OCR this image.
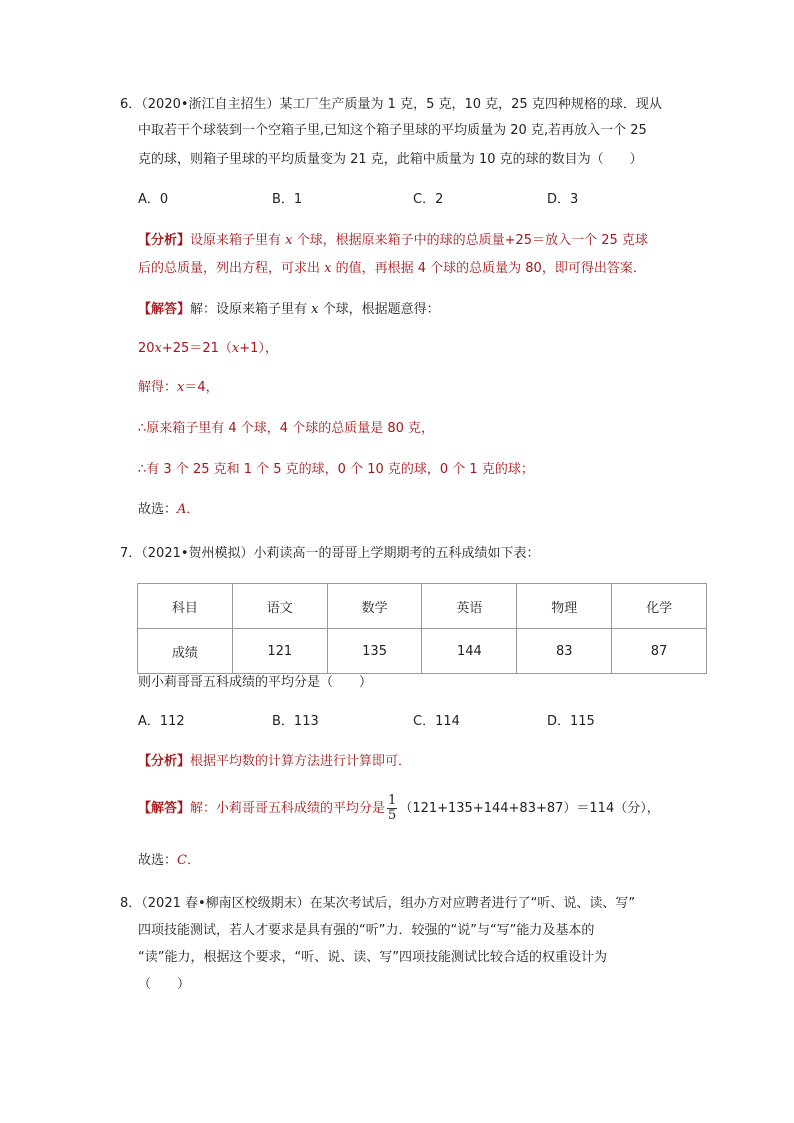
6．（2020•浙江自主招生）某工厂生产质量为 1 克，5 克，10 克，25 克四种规格的球．现从
中取若干个球装到一个空箱子里,已知这个箱子里球的平均质量为 20 克,若再放入一个 25
克的球，则箱子里球的平均质量变为 21 克，此箱中质量为 10 克的球的数目为（　　）
A．0	B．1	C．2	D．3
【分析】设原来箱子里有 x 个球，根据原来箱子中的球的总质量+25＝放入一个 25 克球
后的总质量，列出方程，可求出 x 的值，再根据 4 个球的总质量为 80，即可得出答案．
【解答】解：设原来箱子里有 x 个球，根据题意得：
20x+25＝21（x+1），
解得：x＝4，
∴原来箱子里有 4 个球，4 个球的总质量是 80 克，
∴有 3 个 25 克和 1 个 5 克的球，0 个 10 克的球，0 个 1 克的球；
故选：A．
7．（2021•贺州模拟）小莉读高一的哥哥上学期期考的五科成绩如下表：
科目	语文	数学	英语	物理	化学
成绩	121	135	144	83	87
则小莉哥哥五科成绩的平均分是（　　）
A．112	B．113	C．114	D．115
【分析】根据平均数的计算方法进行计算即可．
【解答】解：小莉哥哥五科成绩的平均分是 $\frac{1}{5} (121+135+144+83+87)=114$（分），
故选：C．
8．（2021 春•柳南区校级期末）在某次考试后，组办方对应聘者进行了“听、说、读、写”
四项技能测试，若人才要求是具有强的“听”力．较强的“说”与“写”能力及基本的
“读”能力，根据这个要求，“听、说、读、写”四项技能测试比较合适的权重设计为
（　　）
